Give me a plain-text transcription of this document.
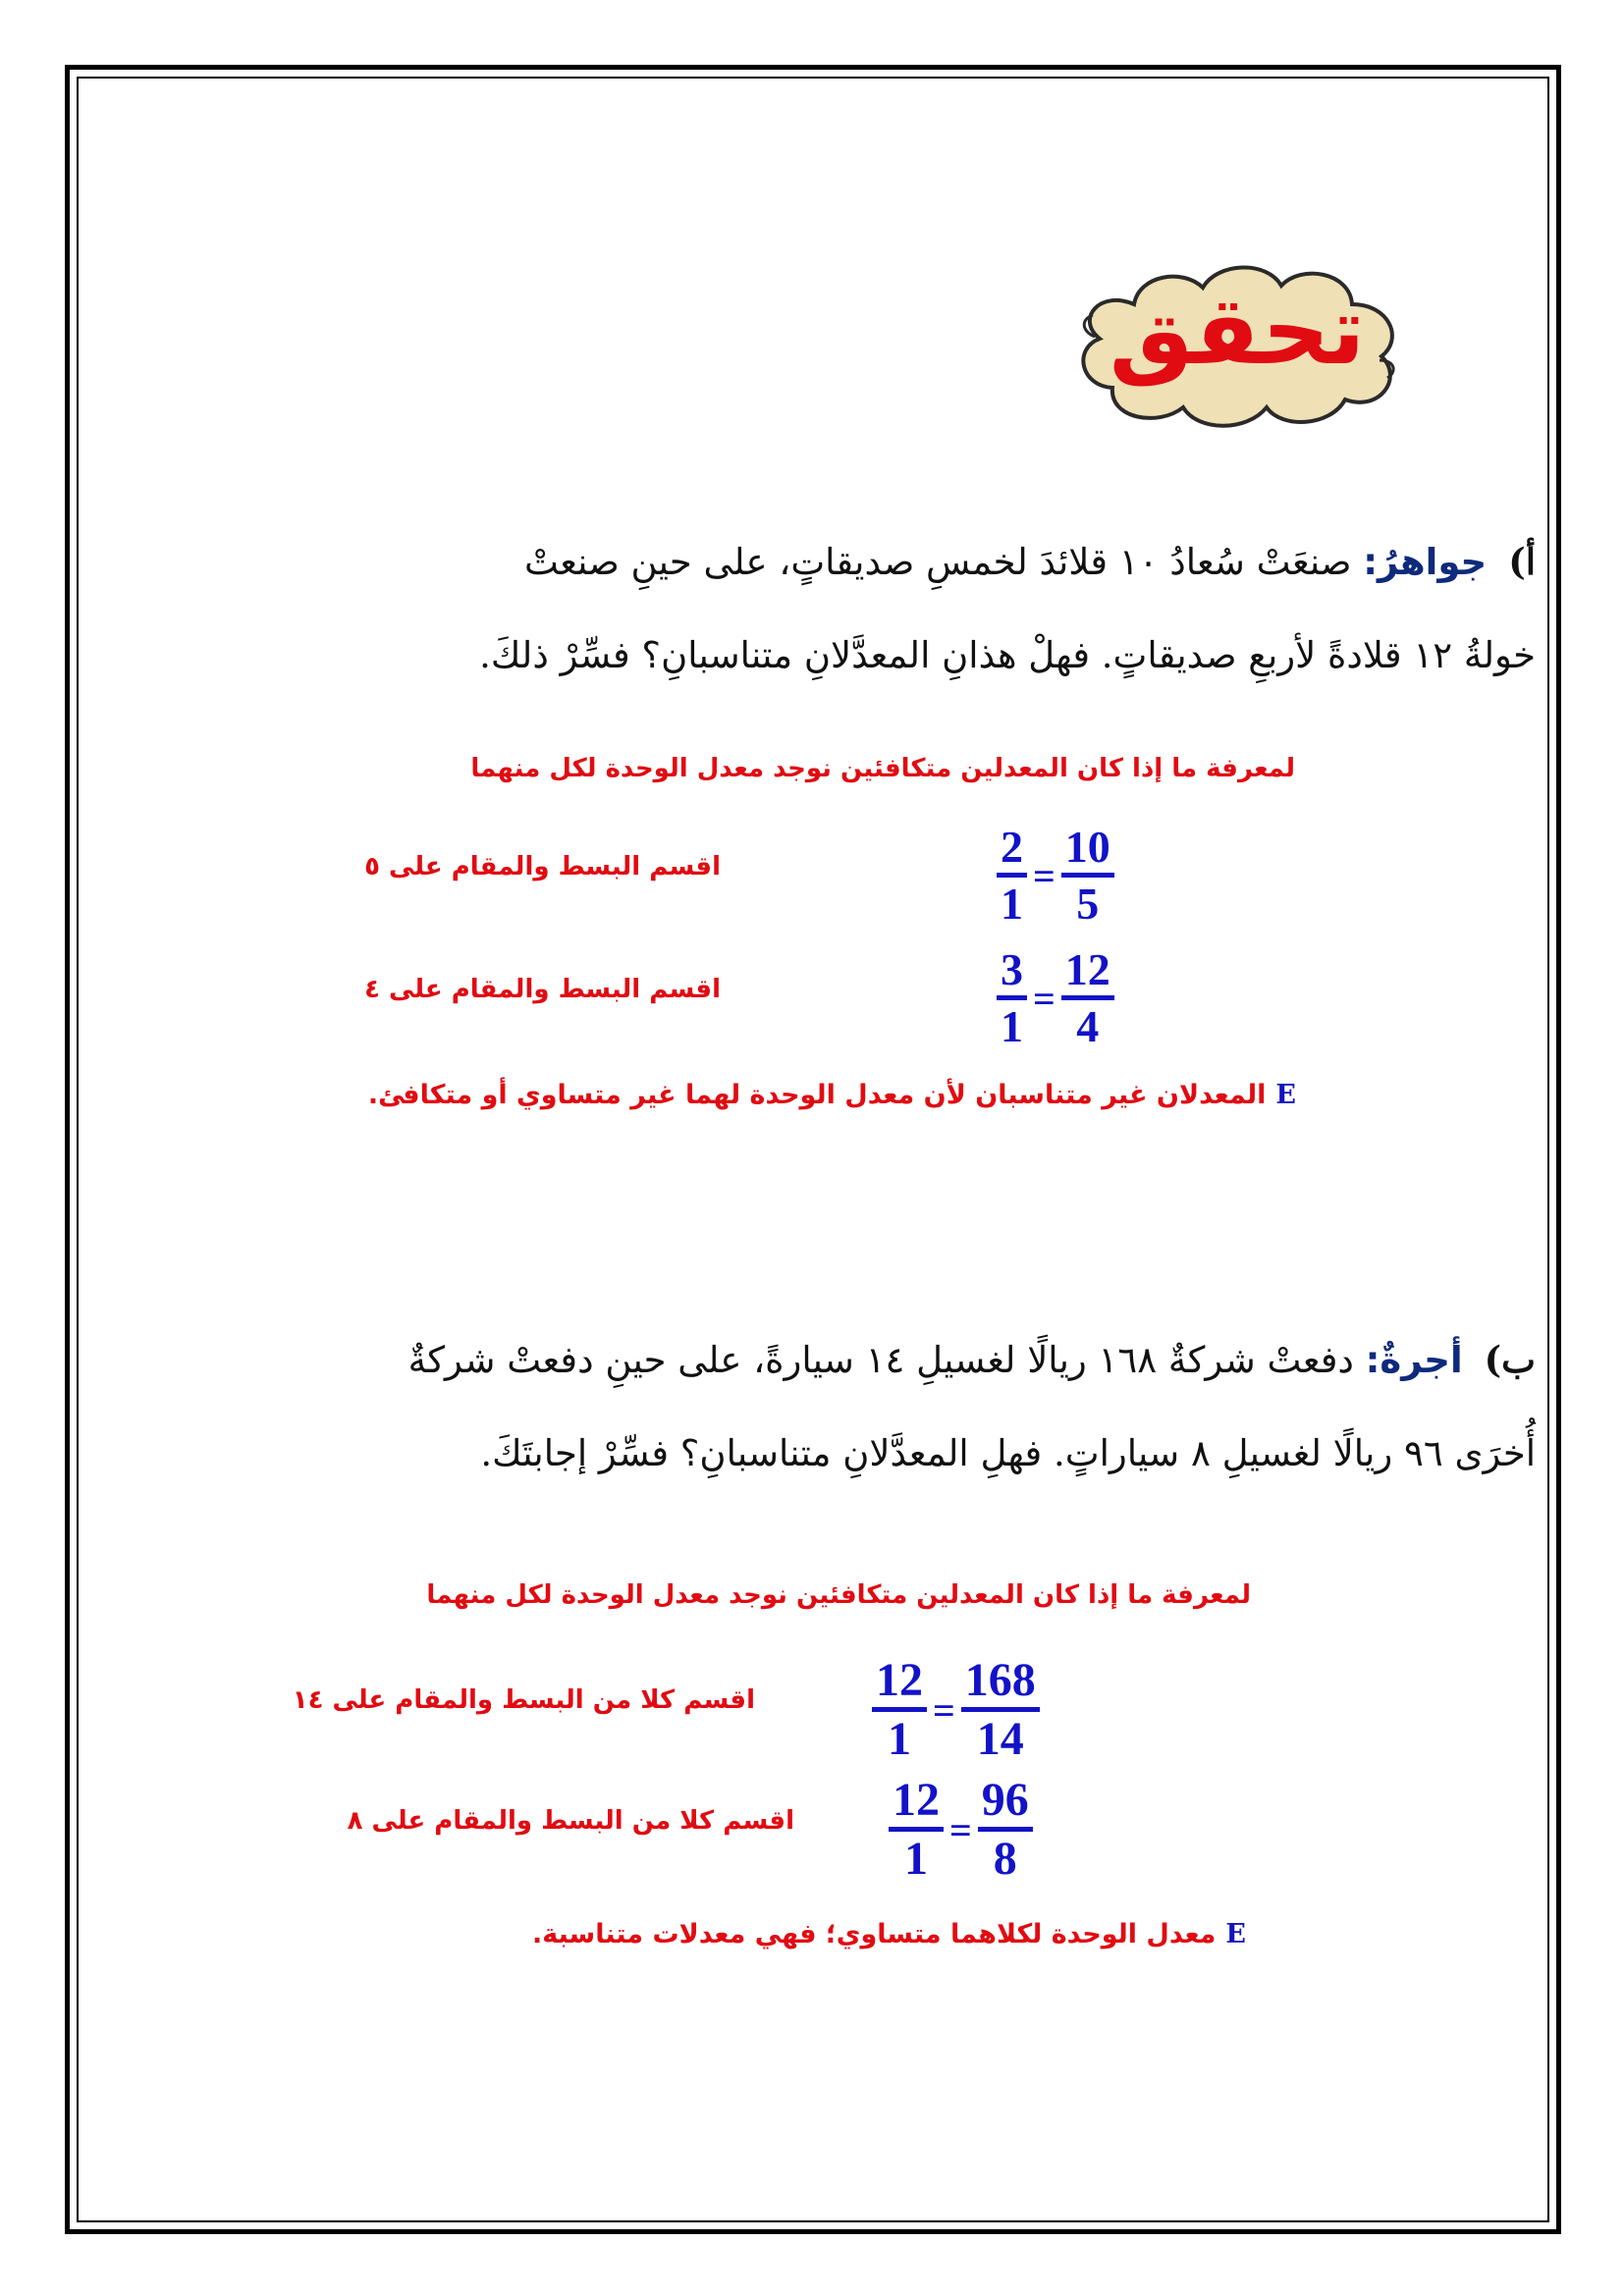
تحقق
أ)جواهرُ: صنعَتْ سُعادُ ١٠ قلائدَ لخمسِ صديقاتٍ، على حينِ صنعتْ
خولةُ ١٢ قلادةً لأربعِ صديقاتٍ. فهلْ هذانِ المعدَّلانِ متناسبانِ؟ فسِّرْ ذلكَ.
لمعرفة ما إذا كان المعدلين متكافئين نوجد معدل الوحدة لكل منهما
2
1
=
10
5
اقسم البسط والمقام على ٥
3
1
=
12
4
اقسم البسط والمقام على ٤
Eالمعدلان غير متناسبان لأن معدل الوحدة لهما غير متساوي أو متكافئ.
ب)أجرةٌ: دفعتْ شركةٌ ١٦٨ ريالًا لغسيلِ ١٤ سيارةً، على حينِ دفعتْ شركةٌ
أُخرَى ٩٦ ريالًا لغسيلِ ٨ سياراتٍ. فهلِ المعدَّلانِ متناسبانِ؟ فسِّرْ إجابتَكَ.
لمعرفة ما إذا كان المعدلين متكافئين نوجد معدل الوحدة لكل منهما
12
1
=
168
14
اقسم كلا من البسط والمقام على ١٤
12
1
=
96
8
اقسم كلا من البسط والمقام على ٨
Eمعدل الوحدة لكلاهما متساوي؛ فهي معدلات متناسبة.
